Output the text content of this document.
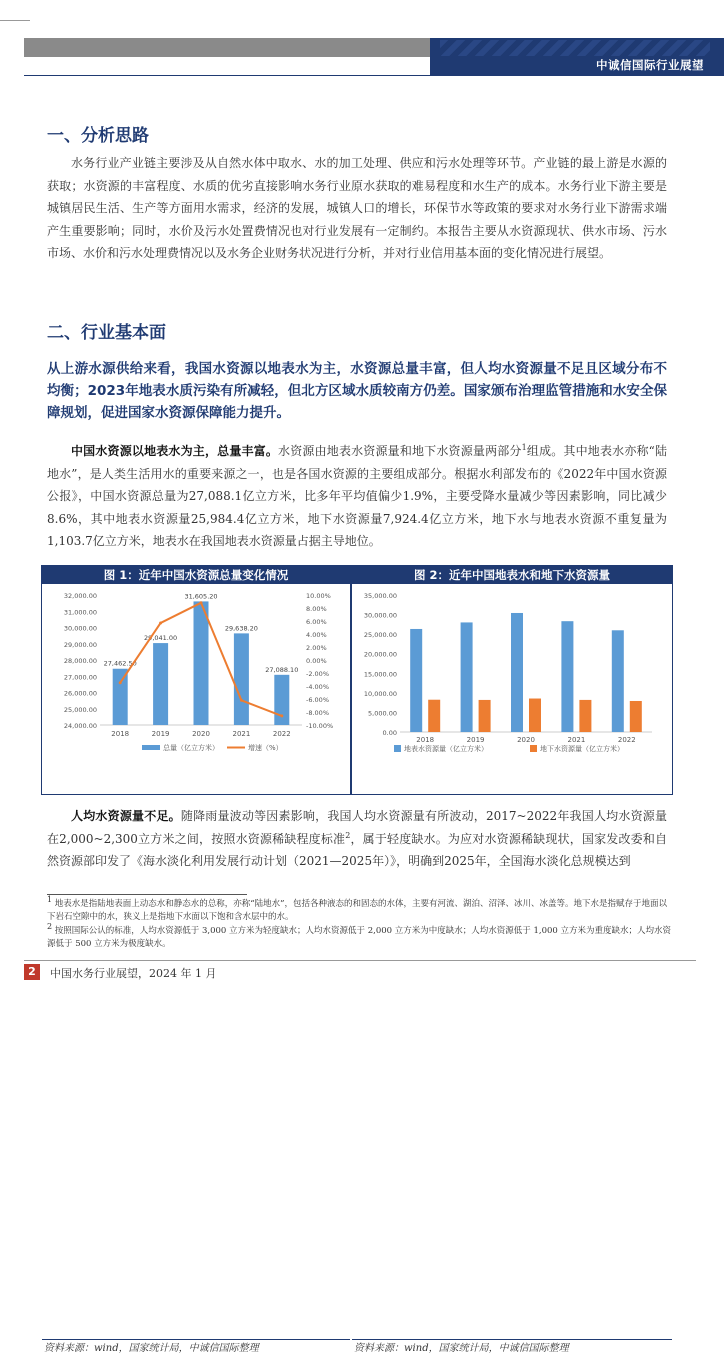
中诚信国际行业展望
一、分析思路

水务行业产业链主要涉及从自然水体中取水、水的加工处理、供应和污水处理等环节。产业链的最上游是水源的获取；水资源的丰富程度、水质的优劣直接影响水务行业原水获取的难易程度和水生产的成本。水务行业下游主要是城镇居民生活、生产等方面用水需求，经济的发展，城镇人口的增长，环保节水等政策的要求对水务行业下游需求端产生重要影响；同时，水价及污水处置费情况也对行业发展有一定制约。本报告主要从水资源现状、供水市场、污水市场、水价和污水处理费情况以及水务企业财务状况进行分析，并对行业信用基本面的变化情况进行展望。

二、行业基本面

从上游水源供给来看，我国水资源以地表水为主，水资源总量丰富，但人均水资源量不足且区域分布不均衡；2023年地表水质污染有所减轻，但北方区域水质较南方仍差。国家颁布治理监管措施和水安全保障规划，促进国家水资源保障能力提升。

中国水资源以地表水为主，总量丰富。水资源由地表水资源量和地下水资源量两部分$^1$组成。其中地表水亦称“陆地水”，是人类生活用水的重要来源之一，也是各国水资源的主要组成部分。根据水利部发布的《2022年中国水资源公报》，中国水资源总量为27,088.1亿立方米，比多年平均值偏少1.9%，主要受降水量减少等因素影响，同比减少8.6%，其中地表水资源量25,984.4亿立方米，地下水资源量7,924.4亿立方米，地下水与地表水资源不重复量为1,103.7亿立方米，地表水在我国地表水资源量占据主导地位。

图 1：近年中国水资源总量变化情况
24,000.00
25,000.00
26,000.00
27,000.00
28,000.00
29,000.00
30,000.00
31,000.00
32,000.00
-10.00%
-8.00%
-6.00%
-4.00%
-2.00%
0.00%
2.00%
4.00%
6.00%
8.00%
10.00%
27,462.50
2018
29,041.00
2019
31,605.20
2020
29,638.20
2021
27,088.10
2022
总量（亿立方米）	增速（%）
资料来源：wind，国家统计局，中诚信国际整理
图 2：近年中国地表水和地下水资源量
0.00
5,000.00
10,000.00
15,000.00
20,000.00
25,000.00
30,000.00
35,000.00
2018	2019	2020	2021	2022
地表水资源量（亿立方米）	地下水资源量（亿立方米）
资料来源：wind，国家统计局，中诚信国际整理

人均水资源量不足。随降雨量波动等因素影响，我国人均水资源量有所波动，2017~2022年我国人均水资源量在2,000~2,300立方米之间，按照水资源稀缺程度标准$^2$，属于轻度缺水。为应对水资源稀缺现状，国家发改委和自然资源部印发了《海水淡化利用发展行动计划（2021—2025年）》，明确到2025年，全国海水淡化总规模达到

$^1$ 地表水是指陆地表面上动态水和静态水的总称，亦称“陆地水”，包括各种液态的和固态的水体，主要有河流、湖泊、沼泽、冰川、冰盖等。地下水是指赋存于地面以下岩石空隙中的水，狭义上是指地下水面以下饱和含水层中的水。

$^2$ 按照国际公认的标准，人均水资源低于 3,000 立方米为轻度缺水；人均水资源低于 2,000 立方米为中度缺水；人均水资源低于 1,000 立方米为重度缺水；人均水资源低于 500 立方米为极度缺水。

2	中国水务行业展望，2024 年 1 月
